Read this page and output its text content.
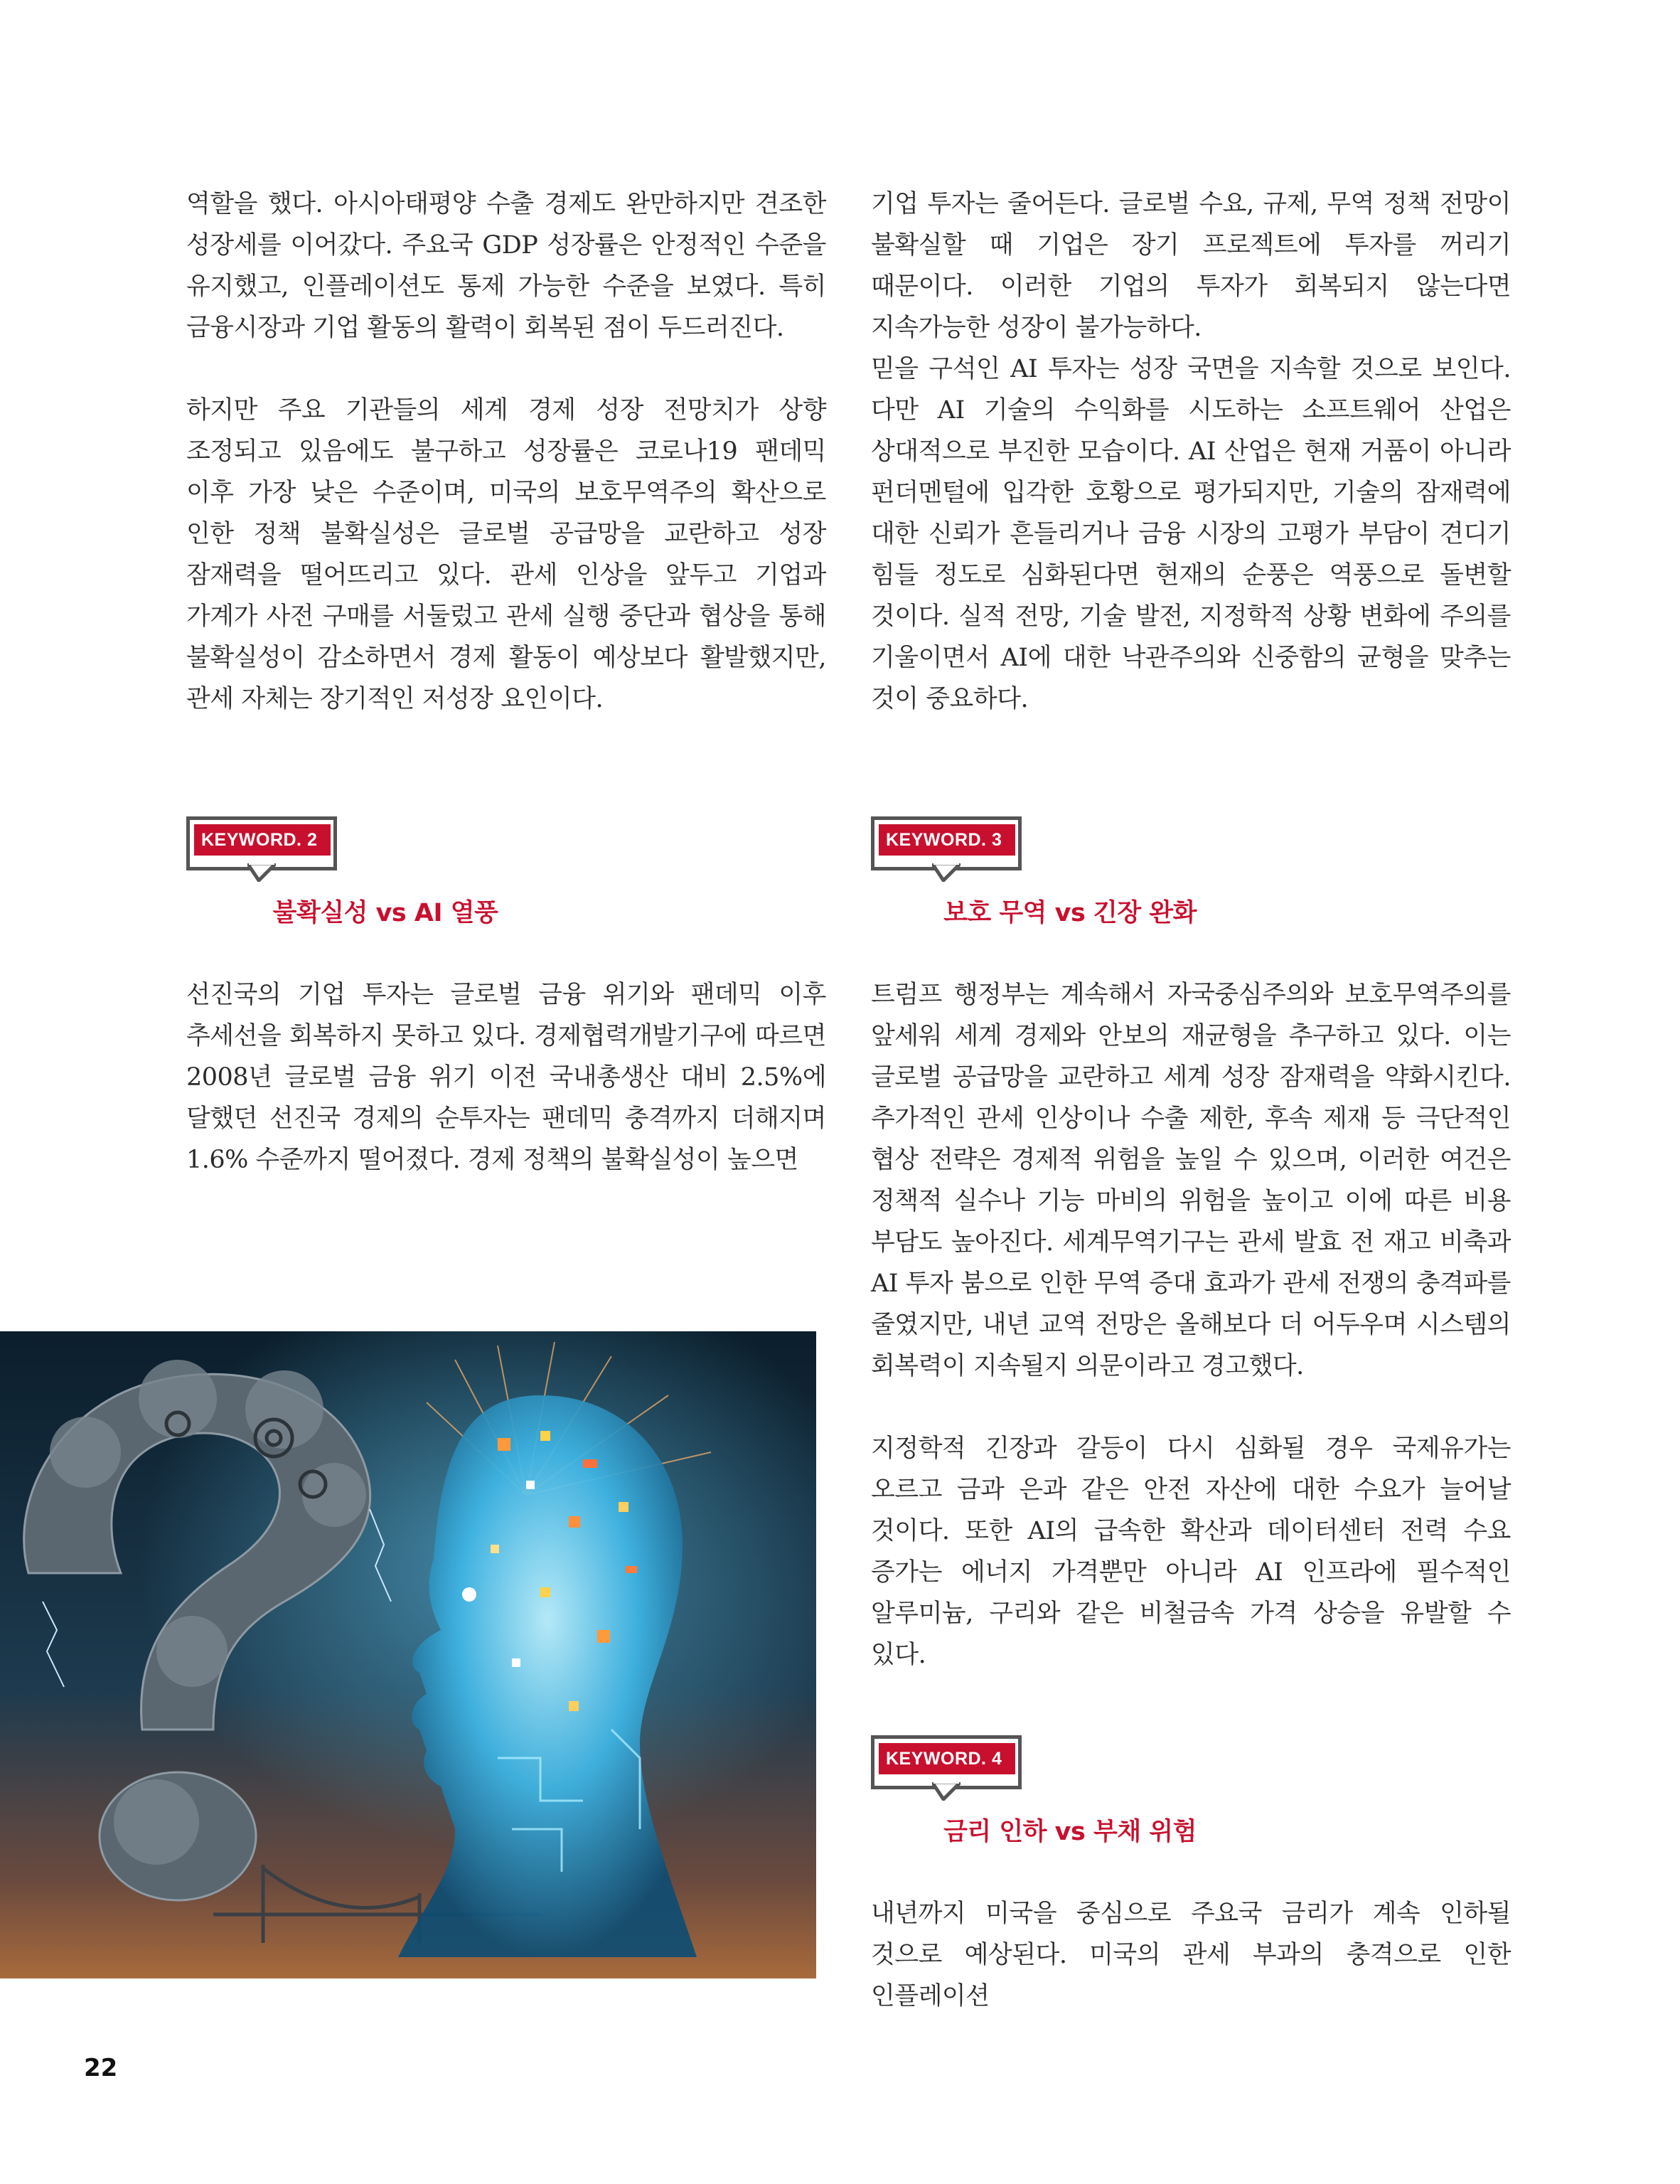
역할을 했다. 아시아태평양 수출 경제도 완만하지만 견조한 성장세를 이어갔다. 주요국 GDP 성장률은 안정적인 수준을 유지했고, 인플레이션도 통제 가능한 수준을 보였다. 특히 금융시장과 기업 활동의 활력이 회복된 점이 두드러진다.

하지만 주요 기관들의 세계 경제 성장 전망치가 상향 조정되고 있음에도 불구하고 성장률은 코로나19 팬데믹 이후 가장 낮은 수준이며, 미국의 보호무역주의 확산으로 인한 정책 불확실성은 글로벌 공급망을 교란하고 성장 잠재력을 떨어뜨리고 있다. 관세 인상을 앞두고 기업과 가계가 사전 구매를 서둘렀고 관세 실행 중단과 협상을 통해 불확실성이 감소하면서 경제 활동이 예상보다 활발했지만, 관세 자체는 장기적인 저성장 요인이다.

기업 투자는 줄어든다. 글로벌 수요, 규제, 무역 정책 전망이 불확실할 때 기업은 장기 프로젝트에 투자를 꺼리기 때문이다. 이러한 기업의 투자가 회복되지 않는다면 지속가능한 성장이 불가능하다.

믿을 구석인 AI 투자는 성장 국면을 지속할 것으로 보인다. 다만 AI 기술의 수익화를 시도하는 소프트웨어 산업은 상대적으로 부진한 모습이다. AI 산업은 현재 거품이 아니라 펀더멘털에 입각한 호황으로 평가되지만, 기술의 잠재력에 대한 신뢰가 흔들리거나 금융 시장의 고평가 부담이 견디기 힘들 정도로 심화된다면 현재의 순풍은 역풍으로 돌변할 것이다. 실적 전망, 기술 발전, 지정학적 상황 변화에 주의를 기울이면서 AI에 대한 낙관주의와 신중함의 균형을 맞추는 것이 중요하다.

KEYWORD. 2
불확실성 vs AI 열풍
KEYWORD. 3
보호 무역 vs 긴장 완화

선진국의 기업 투자는 글로벌 금융 위기와 팬데믹 이후 추세선을 회복하지 못하고 있다. 경제협력개발기구에 따르면 2008년 글로벌 금융 위기 이전 국내총생산 대비 2.5%에 달했던 선진국 경제의 순투자는 팬데믹 충격까지 더해지며 1.6% 수준까지 떨어졌다. 경제 정책의 불확실성이 높으면

트럼프 행정부는 계속해서 자국중심주의와 보호무역주의를 앞세워 세계 경제와 안보의 재균형을 추구하고 있다. 이는 글로벌 공급망을 교란하고 세계 성장 잠재력을 약화시킨다. 추가적인 관세 인상이나 수출 제한, 후속 제재 등 극단적인 협상 전략은 경제적 위험을 높일 수 있으며, 이러한 여건은 정책적 실수나 기능 마비의 위험을 높이고 이에 따른 비용 부담도 높아진다. 세계무역기구는 관세 발효 전 재고 비축과 AI 투자 붐으로 인한 무역 증대 효과가 관세 전쟁의 충격파를 줄였지만, 내년 교역 전망은 올해보다 더 어두우며 시스템의 회복력이 지속될지 의문이라고 경고했다.

지정학적 긴장과 갈등이 다시 심화될 경우 국제유가는 오르고 금과 은과 같은 안전 자산에 대한 수요가 늘어날 것이다. 또한 AI의 급속한 확산과 데이터센터 전력 수요 증가는 에너지 가격뿐만 아니라 AI 인프라에 필수적인 알루미늄, 구리와 같은 비철금속 가격 상승을 유발할 수 있다.

KEYWORD. 4
금리 인하 vs 부채 위험

내년까지 미국을 중심으로 주요국 금리가 계속 인하될 것으로 예상된다. 미국의 관세 부과의 충격으로 인한 인플레이션

22
